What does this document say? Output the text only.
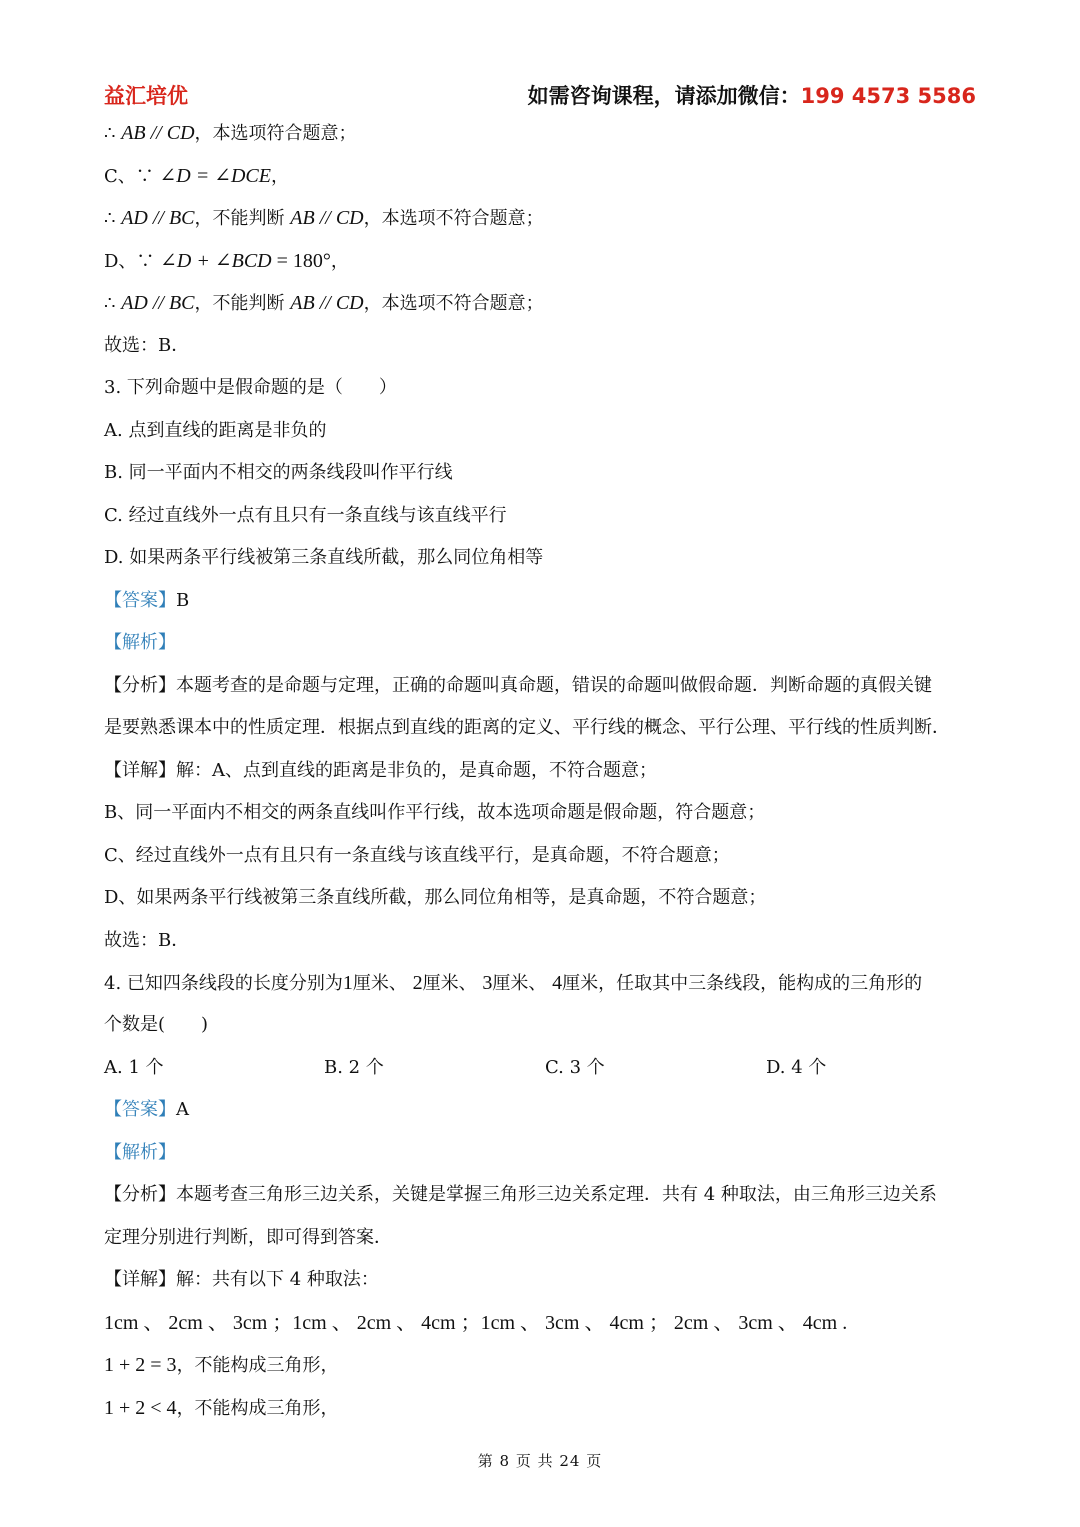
益汇培优	如需咨询课程，请添加微信：199 4573 5586
∴ AB // CD，本选项符合题意；
C、∵ ∠D = ∠DCE，
∴ AD // BC，不能判断 AB // CD，本选项不符合题意；
D、∵ ∠D + ∠BCD = 180°，
∴ AD // BC，不能判断 AB // CD，本选项不符合题意；
故选：B．
3. 下列命题中是假命题的是（　　）
A. 点到直线的距离是非负的
B. 同一平面内不相交的两条线段叫作平行线
C. 经过直线外一点有且只有一条直线与该直线平行
D. 如果两条平行线被第三条直线所截，那么同位角相等
【答案】B
【解析】
【分析】本题考查的是命题与定理，正确的命题叫真命题，错误的命题叫做假命题．判断命题的真假关键
是要熟悉课本中的性质定理．根据点到直线的距离的定义、平行线的概念、平行公理、平行线的性质判断．
【详解】解：A、点到直线的距离是非负的，是真命题，不符合题意；
B、同一平面内不相交的两条直线叫作平行线，故本选项命题是假命题，符合题意；
C、经过直线外一点有且只有一条直线与该直线平行，是真命题，不符合题意；
D、如果两条平行线被第三条直线所截，那么同位角相等，是真命题，不符合题意；
故选：B．
4. 已知四条线段的长度分别为1厘米、 2厘米、 3厘米、 4厘米，任取其中三条线段，能构成的三角形的
个数是(　　)
A. 1 个	B. 2 个	C. 3 个	D. 4 个
【答案】A
【解析】
【分析】本题考查三角形三边关系，关键是掌握三角形三边关系定理．共有 4 种取法，由三角形三边关系
定理分别进行判断，即可得到答案．
【详解】解：共有以下 4 种取法：
1cm 、 2cm 、 3cm ；1cm 、 2cm 、 4cm ；1cm 、 3cm 、 4cm ； 2cm 、 3cm 、 4cm .
1 + 2 = 3，不能构成三角形，
1 + 2 < 4，不能构成三角形，
第 8 页 共 24 页
